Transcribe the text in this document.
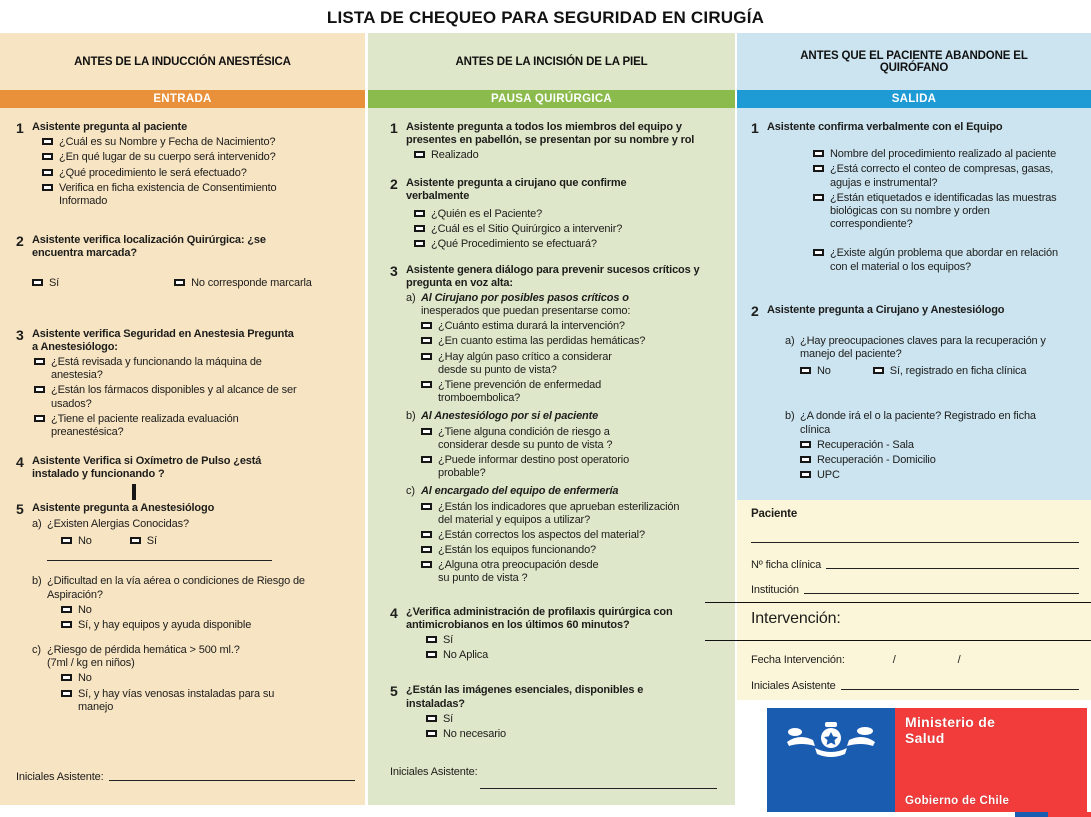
LISTA DE CHEQUEO PARA SEGURIDAD EN CIRUGÍA
ANTES DE LA INDUCCIÓN ANESTÉSICA
ENTRADA
1 Asistente pregunta al paciente
¿Cuál es su Nombre y Fecha de Nacimiento?
¿En qué lugar de su cuerpo será intervenido?
¿Qué procedimiento le será efectuado?
Verifica en ficha existencia de Consentimiento Informado
2 Asistente verifica localización Quirúrgica: ¿se encuentra marcada?
Sí	No corresponde marcarla
3 Asistente verifica Seguridad en Anestesia Pregunta a Anestesiólogo:
¿Está revisada y funcionando la máquina de anestesia?
¿Están los fármacos disponibles y al alcance de ser usados?
¿Tiene el paciente realizada evaluación preanestésica?
4 Asistente Verifica si Oxímetro de Pulso ¿está instalado y funcionando ?
5 Asistente pregunta a Anestesiólogo
a) ¿Existen Alergias Conocidas?
No	Sí
b) ¿Dificultad en la vía aérea o condiciones de Riesgo de Aspiración?
No
Sí, y hay equipos y ayuda disponible
c) ¿Riesgo de pérdida hemática > 500 ml.?
(7ml / kg en niños)
No
Sí, y hay vías venosas instaladas para su manejo
Iniciales Asistente:
ANTES DE LA INCISIÓN DE LA PIEL
PAUSA QUIRÚRGICA
1 Asistente pregunta a todos los miembros del equipo y presentes en pabellón, se presentan por su nombre y rol
Realizado
2 Asistente pregunta a cirujano que confirme verbalmente
¿Quién es el Paciente?
¿Cuál es el Sitio Quirúrgico a intervenir?
¿Qué Procedimiento se efectuará?
3 Asistente genera diálogo para prevenir sucesos críticos y pregunta en voz alta:
a) Al Cirujano por posibles pasos críticos o
inesperados que puedan presentarse como:
¿Cuánto estima durará la intervención?
¿En cuanto estima las perdidas hemáticas?
¿Hay algún paso crítico a considerar desde su punto de vista?
¿Tiene prevención de enfermedad tromboembolica?
b) Al Anestesiólogo por si el paciente
¿Tiene alguna condición de riesgo a considerar desde su punto de vista ?
¿Puede informar destino post operatorio probable?
c) Al encargado del equipo de enfermería
¿Están los indicadores que aprueban esterilización del material y equipos a utilizar?
¿Están correctos los aspectos del material?
¿Están los equipos funcionando?
¿Alguna otra preocupación desde su punto de vista ?
4 ¿Verifica administración de profilaxis quirúrgica con antimicrobianos en los últimos 60 minutos?
Sí
No Aplica
5 ¿Están las imágenes esenciales, disponibles e instaladas?
Sí
No necesario
Iniciales Asistente:
ANTES QUE EL PACIENTE ABANDONE EL QUIRÓFANO
SALIDA
1 Asistente confirma verbalmente con el Equipo
Nombre del procedimiento realizado al paciente
¿Está correcto el conteo de compresas, gasas, agujas e instrumental?
¿Están etiquetados e identificadas las muestras biológicas con su nombre y orden correspondiente?
¿Existe algún problema que abordar en relación con el material o los equipos?
2 Asistente pregunta a Cirujano y Anestesiólogo
a) ¿Hay preocupaciones claves para la recuperación y manejo del paciente?
No	Sí, registrado en ficha clínica
b) ¿A donde irá el o la paciente? Registrado en ficha clínica
Recuperación - Sala
Recuperación - Domicilio
UPC
Paciente
Nº ficha clínica
Institución
Intervención:
Fecha Intervención:	/	/
Iniciales Asistente
Ministerio de Salud
Gobierno de Chile
